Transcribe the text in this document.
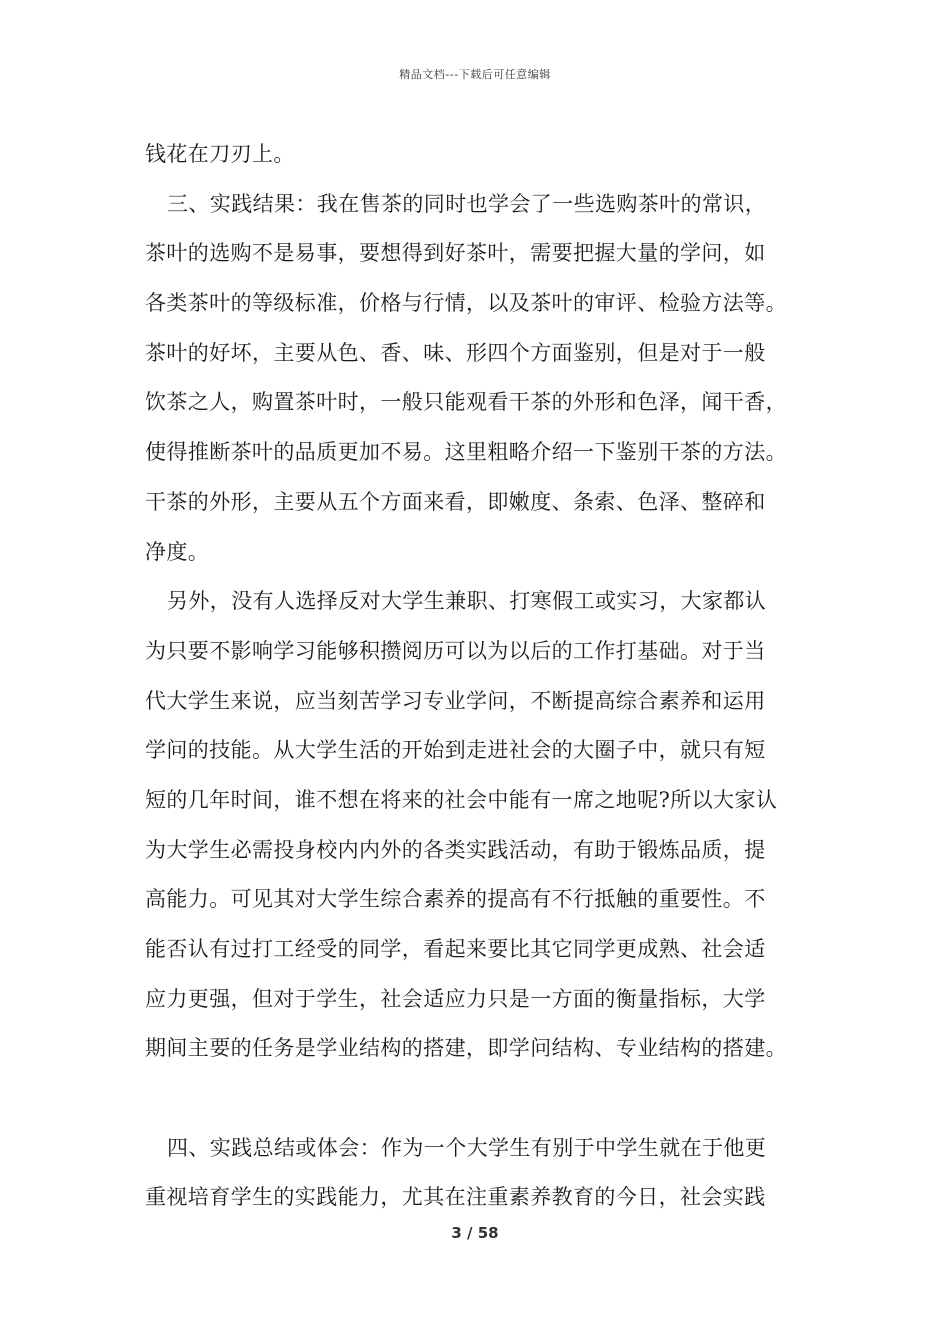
精品文档---下载后可任意编辑
钱花在刀刃上。
三、实践结果：我在售茶的同时也学会了一些选购茶叶的常识，
茶叶的选购不是易事，要想得到好茶叶，需要把握大量的学问，如
各类茶叶的等级标准，价格与行情，以及茶叶的审评、检验方法等。
茶叶的好坏，主要从色、香、味、形四个方面鉴别，但是对于一般
饮茶之人，购置茶叶时，一般只能观看干茶的外形和色泽，闻干香，
使得推断茶叶的品质更加不易。这里粗略介绍一下鉴别干茶的方法。
干茶的外形，主要从五个方面来看，即嫩度、条索、色泽、整碎和
净度。
另外，没有人选择反对大学生兼职、打寒假工或实习，大家都认
为只要不影响学习能够积攒阅历可以为以后的工作打基础。对于当
代大学生来说，应当刻苦学习专业学问，不断提高综合素养和运用
学问的技能。从大学生活的开始到走进社会的大圈子中，就只有短
短的几年时间，谁不想在将来的社会中能有一席之地呢?所以大家认
为大学生必需投身校内内外的各类实践活动，有助于锻炼品质，提
高能力。可见其对大学生综合素养的提高有不行抵触的重要性。不
能否认有过打工经受的同学，看起来要比其它同学更成熟、社会适
应力更强，但对于学生，社会适应力只是一方面的衡量指标，大学
期间主要的任务是学业结构的搭建，即学问结构、专业结构的搭建。
四、实践总结或体会：作为一个大学生有别于中学生就在于他更
重视培育学生的实践能力，尤其在注重素养教育的今日，社会实践
3 / 58
